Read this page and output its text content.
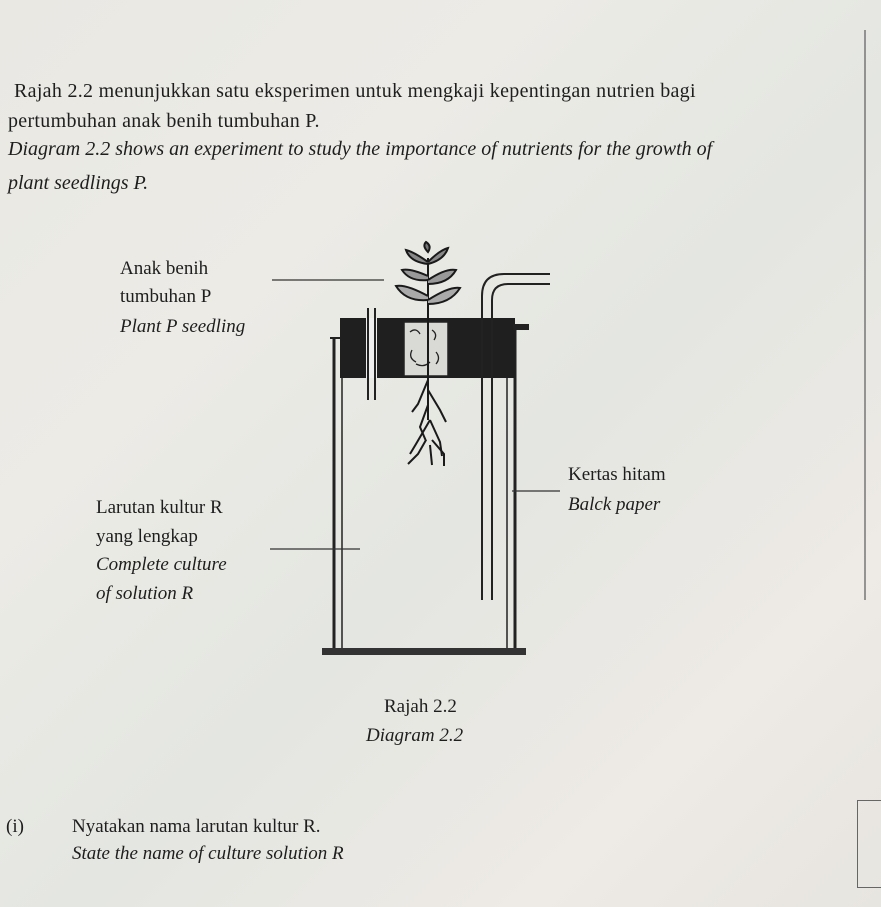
Rajah 2.2 menunjukkan satu eksperimen untuk mengkaji kepentingan nutrien bagi
pertumbuhan anak benih tumbuhan P.
Diagram 2.2 shows an experiment to study the importance of nutrients for the growth of
plant seedlings P.
Anak benih
tumbuhan P
Plant P seedling
Larutan kultur R
yang lengkap
Complete culture
of solution R
Kertas hitam
Balck paper
Rajah 2.2
Diagram 2.2
(i)	Nyatakan nama larutan kultur R.
State the name of culture solution R
